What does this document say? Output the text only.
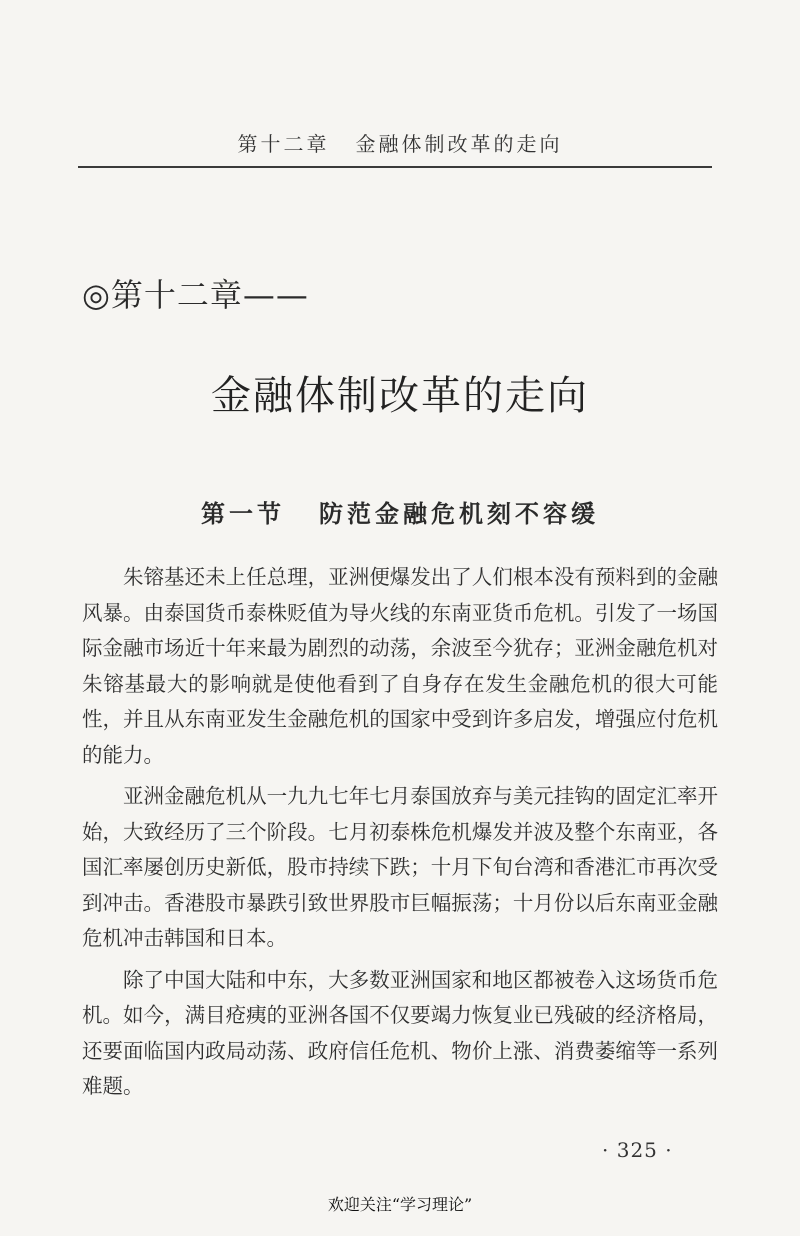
第十二章 金融体制改革的走向
◎第十二章——
金融体制改革的走向
第一节 防范金融危机刻不容缓

朱镕基还未上任总理，亚洲便爆发出了人们根本没有预料到的金融风暴。由泰国货币泰株贬值为导火线的东南亚货币危机。引发了一场国际金融市场近十年来最为剧烈的动荡，余波至今犹存；亚洲金融危机对朱镕基最大的影响就是使他看到了自身存在发生金融危机的很大可能性，并且从东南亚发生金融危机的国家中受到许多启发，增强应付危机的能力。

亚洲金融危机从一九九七年七月泰国放弃与美元挂钩的固定汇率开始，大致经历了三个阶段。七月初泰株危机爆发并波及整个东南亚，各国汇率屡创历史新低，股市持续下跌；十月下旬台湾和香港汇市再次受到冲击。香港股市暴跌引致世界股市巨幅振荡；十月份以后东南亚金融危机冲击韩国和日本。

除了中国大陆和中东，大多数亚洲国家和地区都被卷入这场货币危机。如今，满目疮痍的亚洲各国不仅要竭力恢复业已残破的经济格局，还要面临国内政局动荡、政府信任危机、物价上涨、消费萎缩等一系列难题。

· 325 ·
欢迎关注“学习理论”
